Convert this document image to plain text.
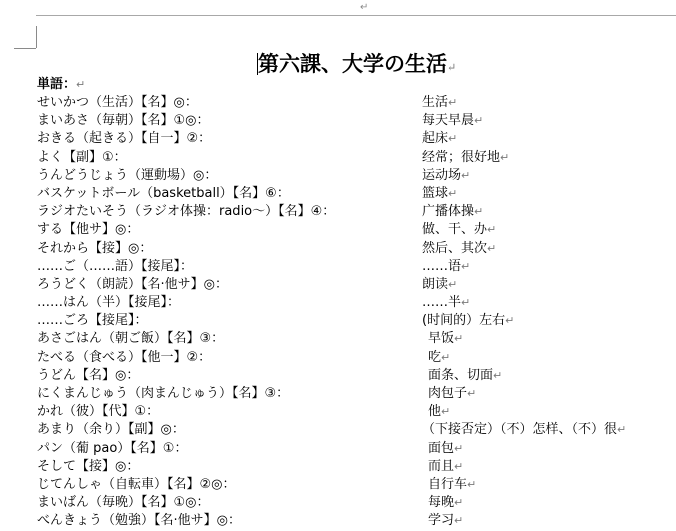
↵
第六課、大学の生活↵
単語：↵
せいかつ（生活）【名】◎：	生活↵
まいあさ（毎朝）【名】①◎：	每天早晨↵
おきる（起きる）【自一】②：	起床↵
よく【副】①：	经常；很好地↵
うんどうじょう（運動場）◎：	运动场↵
バスケットボール（basketball）【名】⑥：	篮球↵
ラジオたいそう（ラジオ体操：radio～）【名】④：	广播体操↵
する【他サ】◎：	做、干、办↵
それから【接】◎：	然后、其次↵
……ご（……語）【接尾】：	……语↵
ろうどく（朗読）【名·他サ】◎：	朗读↵
……はん（半）【接尾】：	……半↵
……ごろ【接尾】：	(时间的）左右↵
あさごはん（朝ご飯）【名】③：	早饭↵
たべる（食べる）【他一】②：	吃↵
うどん【名】◎：	面条、切面↵
にくまんじゅう（肉まんじゅう）【名】③：	肉包子↵
かれ（彼）【代】①：	他↵
あまり（余り）【副】◎：	（下接否定）（不）怎样、（不）很↵
パン（葡 pao）【名】①：	面包↵
そして【接】◎：	而且↵
じてんしゃ（自転車）【名】②◎：	自行车↵
まいばん（毎晩）【名】①◎：	每晚↵
べんきょう（勉強）【名·他サ】◎：	学习↵
